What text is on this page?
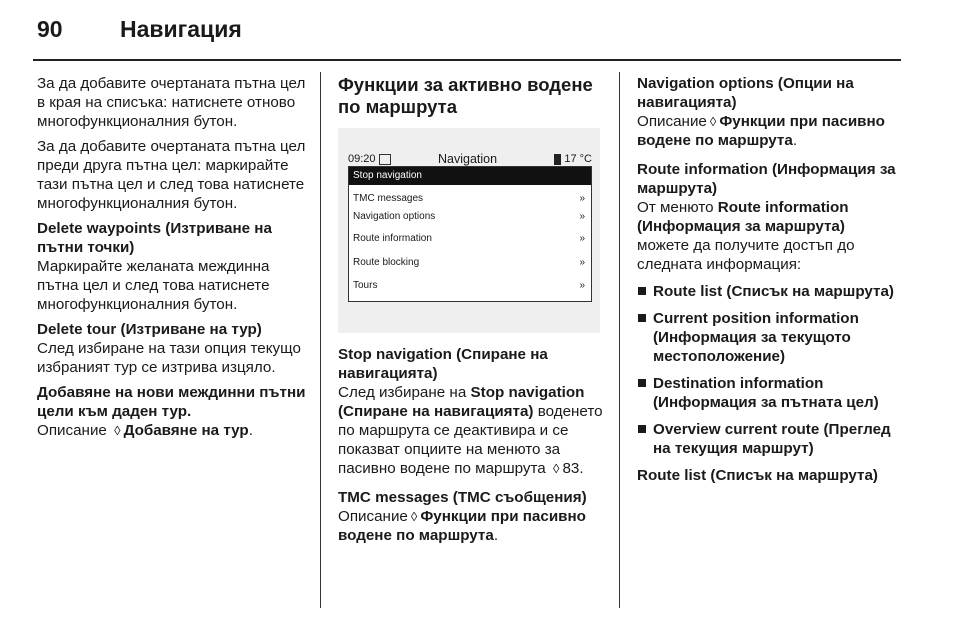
90 Навигация

За да добавите очертаната пътна цел в края на списъка: натиснете отново многофункционалния бутон.

За да добавите очертаната пътна цел преди друга пътна цел: маркирайте тази пътна цел и след това натиснете многофункционалния бутон.

Delete waypoints (Изтриване на пътни точки)
Маркирайте желаната междинна пътна цел и след това натиснете многофункционалния бутон.

Delete tour (Изтриване на тур)
След избиране на тази опция текущо избраният тур се изтрива изцяло.

Добавяне на нови междинни пътни цели към даден тур.
Описание ◊ Добавяне на тур.

Функции за активно водене по маршрута
09:20	Navigation	17 °C
Stop navigation
TMC messages	»
Navigation options	»
Route information	»
Route blocking	»
Tours	»

Stop navigation (Спиране на навигацията)
След избиране на Stop navigation (Спиране на навигацията) воденето по маршрута се деактивира и се показват опциите на менюто за пасивно водене по маршрута ◊ 83.

TMC messages (TMC съобщения)
Описание ◊ Функции при пасивно водене по маршрута.

Navigation options (Опции на навигацията)
Описание ◊ Функции при пасивно водене по маршрута.

Route information (Информация за маршрута)
От менюто Route information (Информация за маршрута) можете да получите достъп до следната информация:

Route list (Списък на маршрута)
Current position information (Информация за текущото местоположение)
Destination information (Информация за пътната цел)
Overview current route (Преглед на текущия маршрут)

Route list (Списък на маршрута)
